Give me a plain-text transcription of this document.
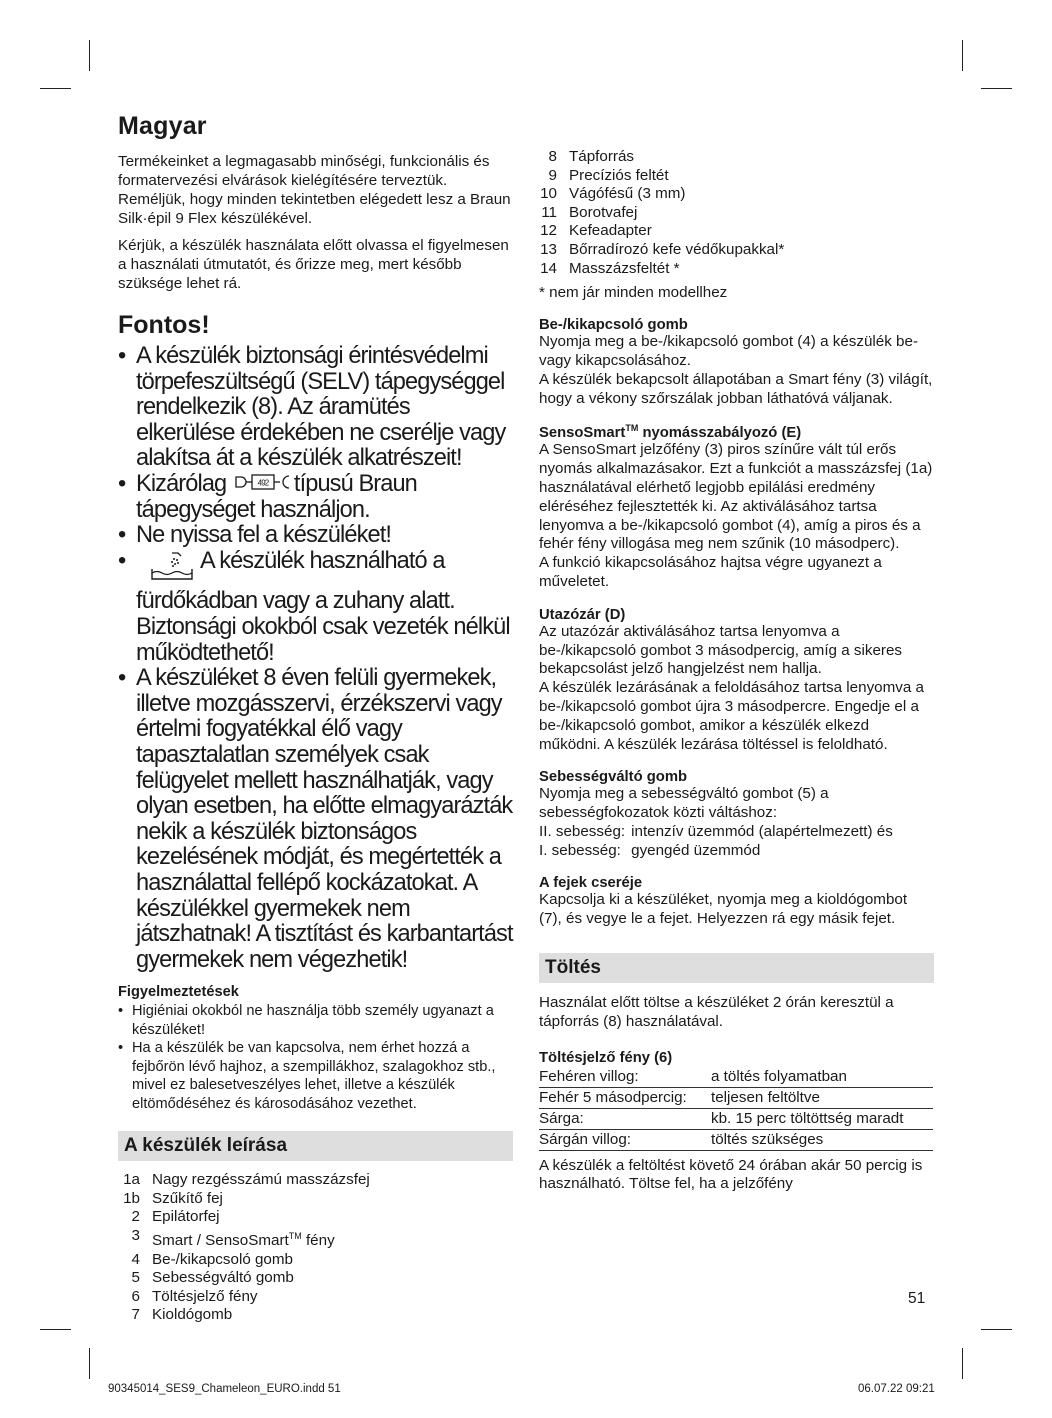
Magyar

Termékeinket a legmagasabb minőségi, funkcionális és formatervezési elvárások kielégítésére terveztük. Reméljük, hogy minden tekintetben elégedett lesz a Braun Silk·épil 9 Flex készülékével.

Kérjük, a készülék használata előtt olvassa el figyelmesen a használati útmutatót, és őrizze meg, mert később szüksége lehet rá.

Fontos!
• A készülék biztonsági érintésvédelmi törpefeszültségű (SELV) tápegységgel rendelkezik (8). Az áramütés elkerülése érdekében ne cserélje vagy alakítsa át a készülék alkatrészeit!
• Kizárólag	492 típusú Braun tápegységet használjon.
• Ne nyissa fel a készüléket!
•	A készülék használható a fürdőkádban vagy a zuhany alatt. Biztonsági okokból csak vezeték nélkül működtethető!
• A készüléket 8 éven felüli gyermekek, illetve mozgásszervi, érzékszervi vagy értelmi fogyatékkal élő vagy tapasztalatlan személyek csak felügyelet mellett használhatják, vagy olyan esetben, ha előtte elmagyarázták nekik a készülék biztonságos kezelésének módját, és megértették a használattal fellépő kockázatokat. A készülékkel gyermekek nem játszhatnak! A tisztítást és karbantartást gyermekek nem végezhetik!
Figyelmeztetések
• Higiéniai okokból ne használja több személy ugyanazt a készüléket!
• Ha a készülék be van kapcsolva, nem érhet hozzá a fejbőrön lévő hajhoz, a szempillákhoz, szalagokhoz stb., mivel ez balesetveszélyes lehet, illetve a készülék eltömődéséhez és károsodásához vezethet.
A készülék leírása
1a	Nagy rezgésszámú masszázsfej
1b	Szűkítő fej
2	Epilátorfej
3	Smart / SensoSmart™ fény
4	Be-/kikapcsoló gomb
5	Sebességváltó gomb
6	Töltésjelző fény
7	Kioldógomb
8	Tápforrás
9	Precíziós feltét
10	Vágófésű (3 mm)
11	Borotvafej
12	Kefeadapter
13	Bőrradírozó kefe védőkupakkal*
14	Masszázsfeltét *

* nem jár minden modellhez

Be-/kikapcsoló gomb

Nyomja meg a be-/kikapcsoló gombot (4) a készülék be- vagy kikapcsolásához.

A készülék bekapcsolt állapotában a Smart fény (3) világít, hogy a vékony szőrszálak jobban láthatóvá váljanak.

SensoSmart™ nyomásszabályozó (E)

A SensoSmart jelzőfény (3) piros színűre vált túl erős nyomás alkalmazásakor. Ezt a funkciót a masszázsfej (1a) használatával elérhető legjobb epilálási eredmény eléréséhez fejlesztették ki. Az aktiválásához tartsa lenyomva a be-/kikapcsoló gombot (4), amíg a piros és a fehér fény villogása meg nem szűnik (10 másodperc).

A funkció kikapcsolásához hajtsa végre ugyanezt a műveletet.

Utazózár (D)

Az utazózár aktiválásához tartsa lenyomva a be-/kikapcsoló gombot 3 másodpercig, amíg a sikeres bekapcsolást jelző hangjelzést nem hallja.

A készülék lezárásának a feloldásához tartsa lenyomva a be-/kikapcsoló gombot újra 3 másodpercre. Engedje el a be-/kikapcsoló gombot, amikor a készülék elkezd működni. A készülék lezárása töltéssel is feloldható.

Sebességváltó gomb

Nyomja meg a sebességváltó gombot (5) a sebességfokozatok közti váltáshoz:

II. sebesség:	intenzív üzemmód (alapértelmezett) és
I. sebesség:	gyengéd üzemmód
A fejek cseréje

Kapcsolja ki a készüléket, nyomja meg a kioldógombot (7), és vegye le a fejet. Helyezzen rá egy másik fejet.

Töltés

Használat előtt töltse a készüléket 2 órán keresztül a tápforrás (8) használatával.

Töltésjelző fény (6)
Fehéren villog:	a töltés folyamatban
Fehér 5 másodpercig:	teljesen feltöltve
Sárga:	kb. 15 perc töltöttség maradt
Sárgán villog:	töltés szükséges

A készülék a feltöltést követő 24 órában akár 50 percig is használható. Töltse fel, ha a jelzőfény

51
90345014_SES9_Chameleon_EURO.indd 51	06.07.22 09:21
